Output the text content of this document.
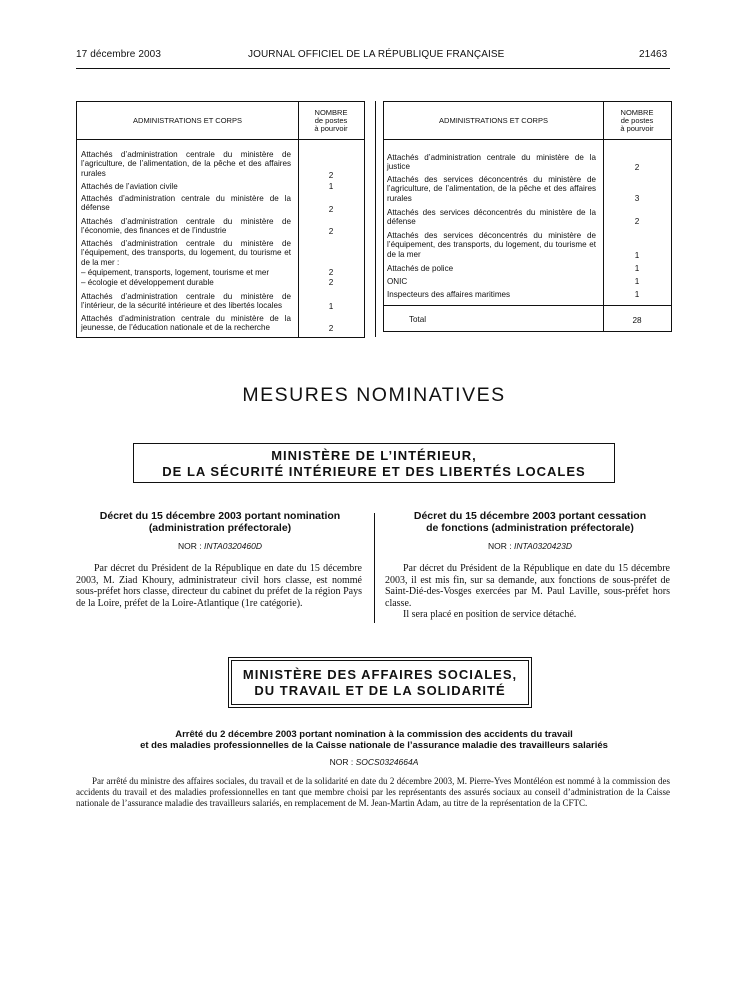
17 décembre 2003	JOURNAL OFFICIEL DE LA RÉPUBLIQUE FRANÇAISE	21463
ADMINISTRATIONS ET CORPS
NOMBRE
de postes
à pourvoir
Attachés d’administration centrale du ministère de l’agriculture, de l’alimentation, de la pêche et des affaires rurales	2
Attachés de l’aviation civile	1
Attachés d’administration centrale du ministère de la défense	2
Attachés d’administration centrale du ministère de l’économie, des finances et de l’industrie	2
Attachés d’administration centrale du ministère de l’équipement, des transports, du logement, du tourisme et de la mer :
– équipement, transports, logement, tourisme et mer	2
– écologie et développement durable	2
Attachés d’administration centrale du ministère de l’intérieur, de la sécurité intérieure et des libertés locales	1
Attachés d’administration centrale du ministère de la jeunesse, de l’éducation nationale et de la recherche	2
ADMINISTRATIONS ET CORPS
NOMBRE
de postes
à pourvoir
Attachés d’administration centrale du ministère de la justice	2
Attachés des services déconcentrés du ministère de l’agriculture, de l’alimentation, de la pêche et des affaires rurales	3
Attachés des services déconcentrés du ministère de la défense	2
Attachés des services déconcentrés du ministère de l’équipement, des transports, du logement, du tourisme et de la mer	1
Attachés de police	1
ONIC	1
Inspecteurs des affaires maritimes	1
Total	28
MESURES NOMINATIVES
MINISTÈRE DE L’INTÉRIEUR,
DE LA SÉCURITÉ INTÉRIEURE ET DES LIBERTÉS LOCALES
Décret du 15 décembre 2003 portant nomination
(administration préfectorale)
NOR : INTA0320460D
Par décret du Président de la République en date du 15 décembre 2003, M. Ziad Khoury, administrateur civil hors classe, est nommé sous-préfet hors classe, directeur du cabinet du préfet de la région Pays de la Loire, préfet de la Loire-Atlantique (1re catégorie).
Décret du 15 décembre 2003 portant cessation
de fonctions (administration préfectorale)
NOR : INTA0320423D
Par décret du Président de la République en date du 15 décembre 2003, il est mis fin, sur sa demande, aux fonctions de sous-préfet de Saint-Dié-des-Vosges exercées par M. Paul Laville, sous-préfet hors classe.
Il sera placé en position de service détaché.
MINISTÈRE DES AFFAIRES SOCIALES,
DU TRAVAIL ET DE LA SOLIDARITÉ
Arrêté du 2 décembre 2003 portant nomination à la commission des accidents du travail
et des maladies professionnelles de la Caisse nationale de l’assurance maladie des travailleurs salariés
NOR : SOCS0324664A
Par arrêté du ministre des affaires sociales, du travail et de la solidarité en date du 2 décembre 2003, M. Pierre-Yves Montéléon est nommé à la commission des accidents du travail et des maladies professionnelles en tant que membre choisi par les représentants des assurés sociaux au conseil d’administration de la Caisse nationale de l’assurance maladie des travailleurs salariés, en remplacement de M. Jean-Martin Adam, au titre de la représentation de la CFTC.
